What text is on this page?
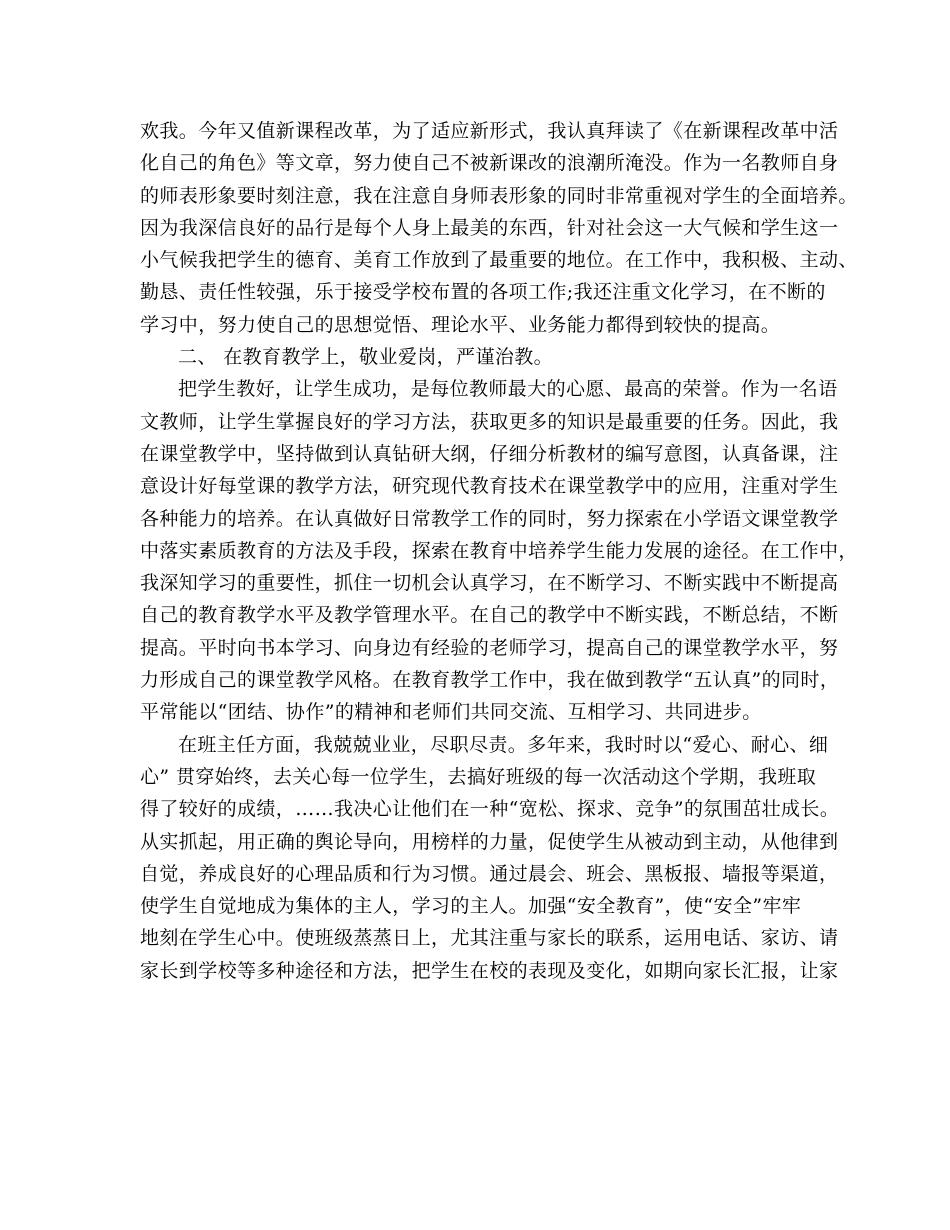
欢我。今年又值新课程改革，为了适应新形式，我认真拜读了《在新课程改革中活
化自己的角色》等文章，努力使自己不被新课改的浪潮所淹没。作为一名教师自身
的师表形象要时刻注意，我在注意自身师表形象的同时非常重视对学生的全面培养。
因为我深信良好的品行是每个人身上最美的东西，针对社会这一大气候和学生这一
小气候我把学生的德育、美育工作放到了最重要的地位。在工作中，我积极、主动、
勤恳、责任性较强，乐于接受学校布置的各项工作;我还注重文化学习，在不断的
学习中，努力使自己的思想觉悟、理论水平、业务能力都得到较快的提高。
二、 在教育教学上，敬业爱岗，严谨治教。
把学生教好，让学生成功，是每位教师最大的心愿、最高的荣誉。作为一名语
文教师，让学生掌握良好的学习方法，获取更多的知识是最重要的任务。因此，我
在课堂教学中，坚持做到认真钻研大纲，仔细分析教材的编写意图，认真备课，注
意设计好每堂课的教学方法，研究现代教育技术在课堂教学中的应用，注重对学生
各种能力的培养。在认真做好日常教学工作的同时，努力探索在小学语文课堂教学
中落实素质教育的方法及手段，探索在教育中培养学生能力发展的途径。在工作中，
我深知学习的重要性，抓住一切机会认真学习，在不断学习、不断实践中不断提高
自己的教育教学水平及教学管理水平。在自己的教学中不断实践，不断总结，不断
提高。平时向书本学习、向身边有经验的老师学习，提高自己的课堂教学水平，努
力形成自己的课堂教学风格。在教育教学工作中，我在做到教学“五认真”的同时，
平常能以“团结、协作”的精神和老师们共同交流、互相学习、共同进步。
在班主任方面，我兢兢业业，尽职尽责。多年来，我时时以“爱心、耐心、细
心” 贯穿始终，去关心每一位学生，去搞好班级的每一次活动这个学期，我班取
得了较好的成绩，……我决心让他们在一种“宽松、探求、竞争”的氛围茁壮成长。
从实抓起，用正确的舆论导向，用榜样的力量，促使学生从被动到主动，从他律到
自觉，养成良好的心理品质和行为习惯。通过晨会、班会、黑板报、墙报等渠道，
使学生自觉地成为集体的主人，学习的主人。加强“安全教育”，使“安全”牢牢
地刻在学生心中。使班级蒸蒸日上，尤其注重与家长的联系，运用电话、家访、请
家长到学校等多种途径和方法，把学生在校的表现及变化，如期向家长汇报，让家
